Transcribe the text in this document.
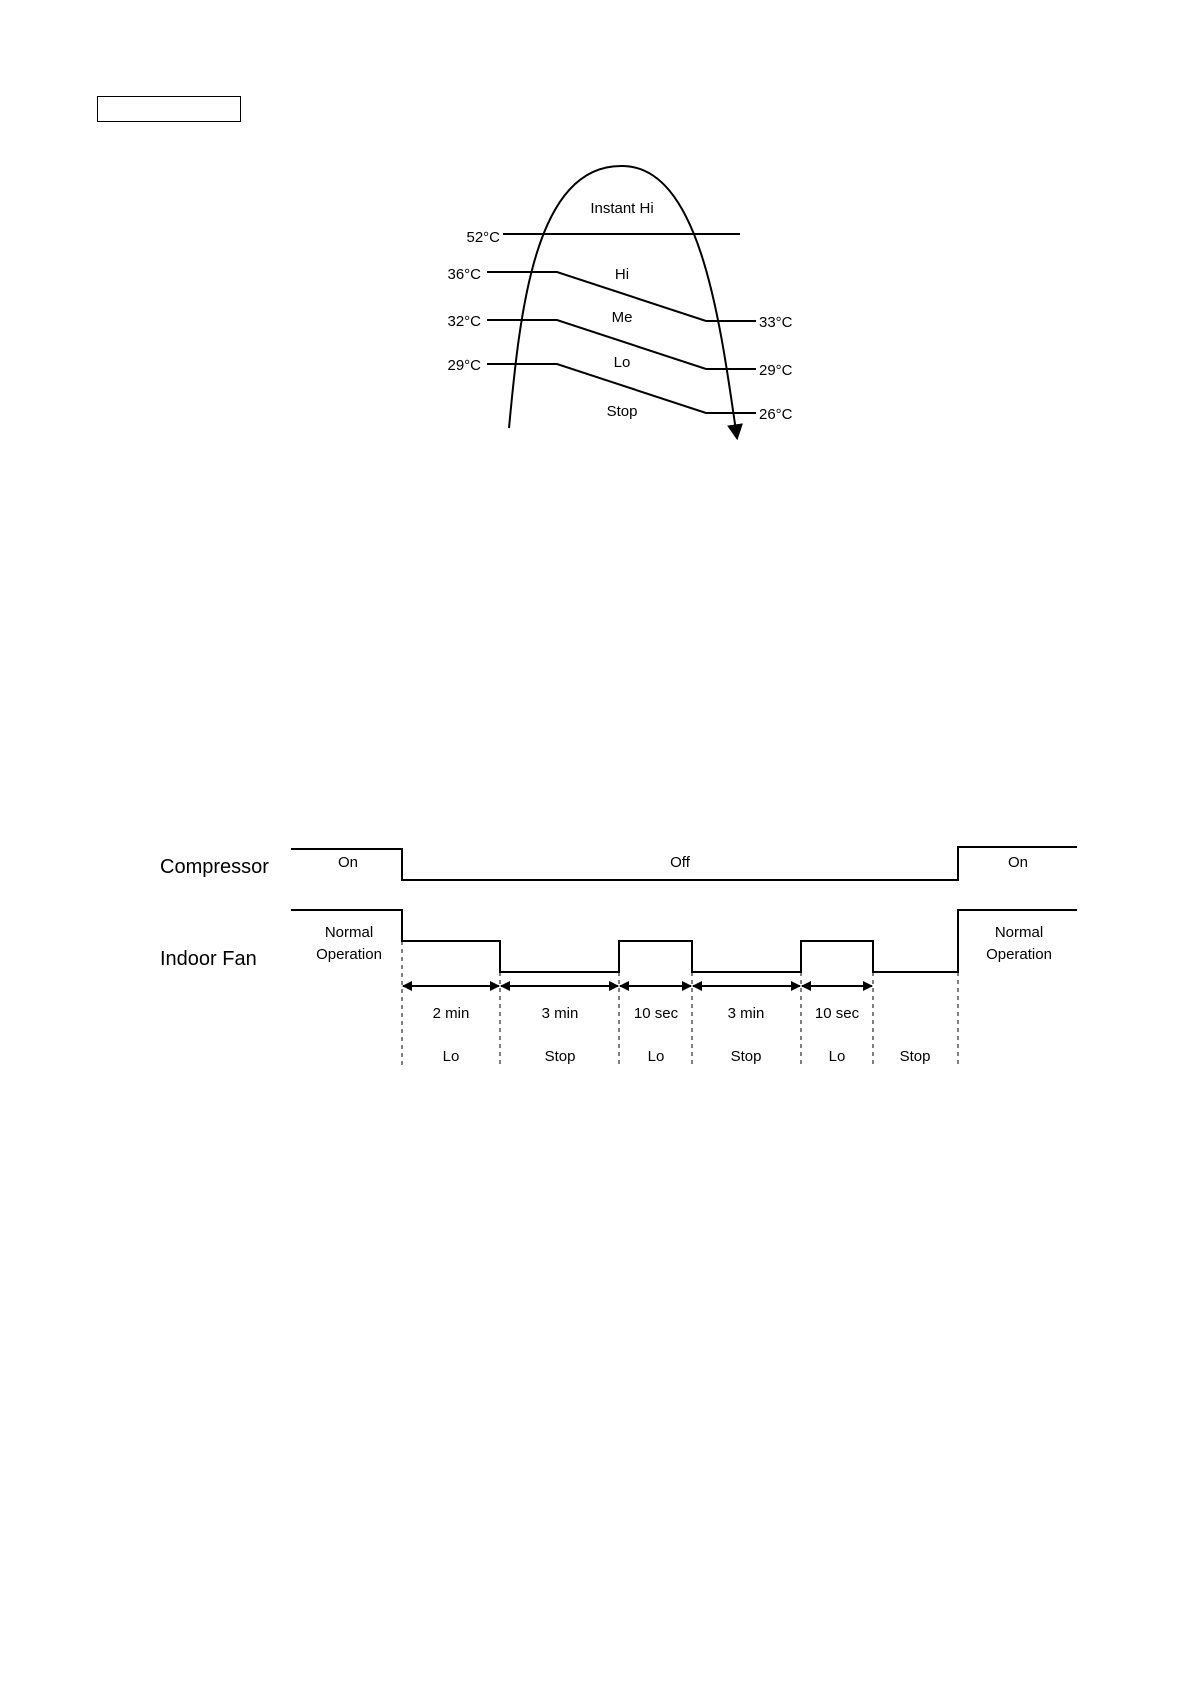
Instant Hi
Hi
Me
Lo
Stop
52°C
36°C
32°C
29°C
33°C
29°C
26°C
Compressor
Indoor Fan
On	Off	On
Normal
Operation
Normal
Operation
2 min	3 min	10 sec	3 min	10 sec
Lo	Stop	Lo	Stop	Lo	Stop
